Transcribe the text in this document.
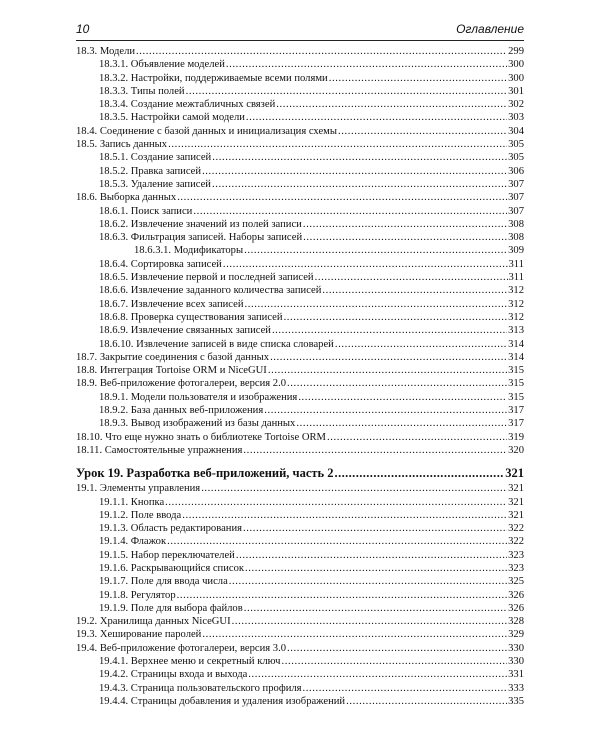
10	Оглавление
18.3. Модели .....	299
18.3.1. Объявление моделей .....	300
18.3.2. Настройки, поддерживаемые всеми полями .....	300
18.3.3. Типы полей .....	301
18.3.4. Создание межтабличных связей .....	302
18.3.5. Настройки самой модели .....	303
18.4. Соединение с базой данных и инициализация схемы .....	304
18.5. Запись данных .....	305
18.5.1. Создание записей .....	305
18.5.2. Правка записей .....	306
18.5.3. Удаление записей .....	307
18.6. Выборка данных .....	307
18.6.1. Поиск записи .....	307
18.6.2. Извлечение значений из полей записи .....	308
18.6.3. Фильтрация записей. Наборы записей .....	308
18.6.3.1. Модификаторы .....	309
18.6.4. Сортировка записей .....	311
18.6.5. Извлечение первой и последней записей .....	311
18.6.6. Извлечение заданного количества записей .....	312
18.6.7. Извлечение всех записей .....	312
18.6.8. Проверка существования записей .....	312
18.6.9. Извлечение связанных записей .....	313
18.6.10. Извлечение записей в виде списка словарей .....	314
18.7. Закрытие соединения с базой данных .....	314
18.8. Интеграция Tortoise ORM и NiceGUI .....	315
18.9. Веб-приложение фотогалереи, версия 2.0 .....	315
18.9.1. Модели пользователя и изображения .....	315
18.9.2. База данных веб-приложения .....	317
18.9.3. Вывод изображений из базы данных .....	317
18.10. Что еще нужно знать о библиотеке Tortoise ORM .....	319
18.11. Самостоятельные упражнения .....	320
Урок 19. Разработка веб-приложений, часть 2 .....	321
19.1. Элементы управления .....	321
19.1.1. Кнопка .....	321
19.1.2. Поле ввода .....	321
19.1.3. Область редактирования .....	322
19.1.4. Флажок .....	322
19.1.5. Набор переключателей .....	323
19.1.6. Раскрывающийся список .....	323
19.1.7. Поле для ввода числа .....	325
19.1.8. Регулятор .....	326
19.1.9. Поле для выбора файлов .....	326
19.2. Хранилища данных NiceGUI .....	328
19.3. Хеширование паролей .....	329
19.4. Веб-приложение фотогалереи, версия 3.0 .....	330
19.4.1. Верхнее меню и секретный ключ .....	330
19.4.2. Страницы входа и выхода .....	331
19.4.3. Страница пользовательского профиля .....	333
19.4.4. Страницы добавления и удаления изображений .....	335
